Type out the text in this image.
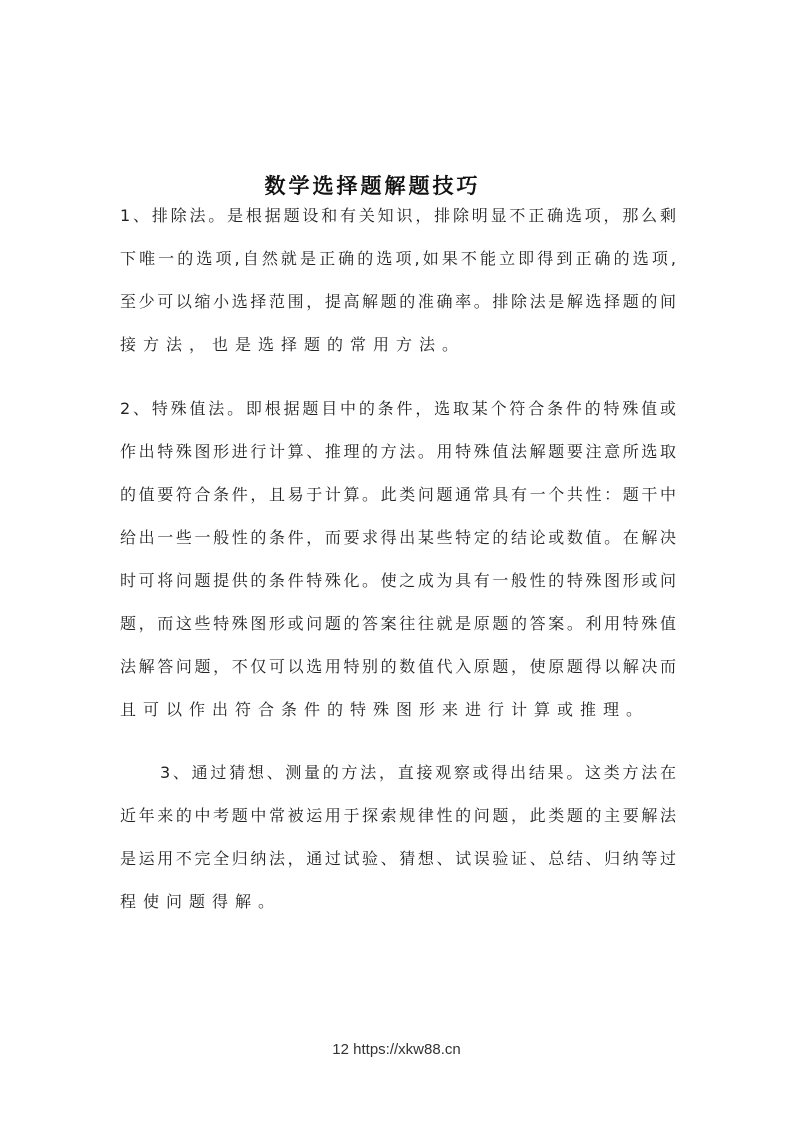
数学选择题解题技巧
1、排除法。是根据题设和有关知识，排除明显不正确选项，那么剩
下唯一的选项,自然就是正确的选项,如果不能立即得到正确的选项,
至少可以缩小选择范围，提高解题的准确率。排除法是解选择题的间
接方法，也是选择题的常用方法。
2、特殊值法。即根据题目中的条件，选取某个符合条件的特殊值或
作出特殊图形进行计算、推理的方法。用特殊值法解题要注意所选取
的值要符合条件，且易于计算。此类问题通常具有一个共性：题干中
给出一些一般性的条件，而要求得出某些特定的结论或数值。在解决
时可将问题提供的条件特殊化。使之成为具有一般性的特殊图形或问
题，而这些特殊图形或问题的答案往往就是原题的答案。利用特殊值
法解答问题，不仅可以选用特别的数值代入原题，使原题得以解决而
且可以作出符合条件的特殊图形来进行计算或推理。
3、通过猜想、测量的方法，直接观察或得出结果。这类方法在
近年来的中考题中常被运用于探索规律性的问题，此类题的主要解法
是运用不完全归纳法，通过试验、猜想、试误验证、总结、归纳等过
程使问题得解。
12 https://xkw88.cn
